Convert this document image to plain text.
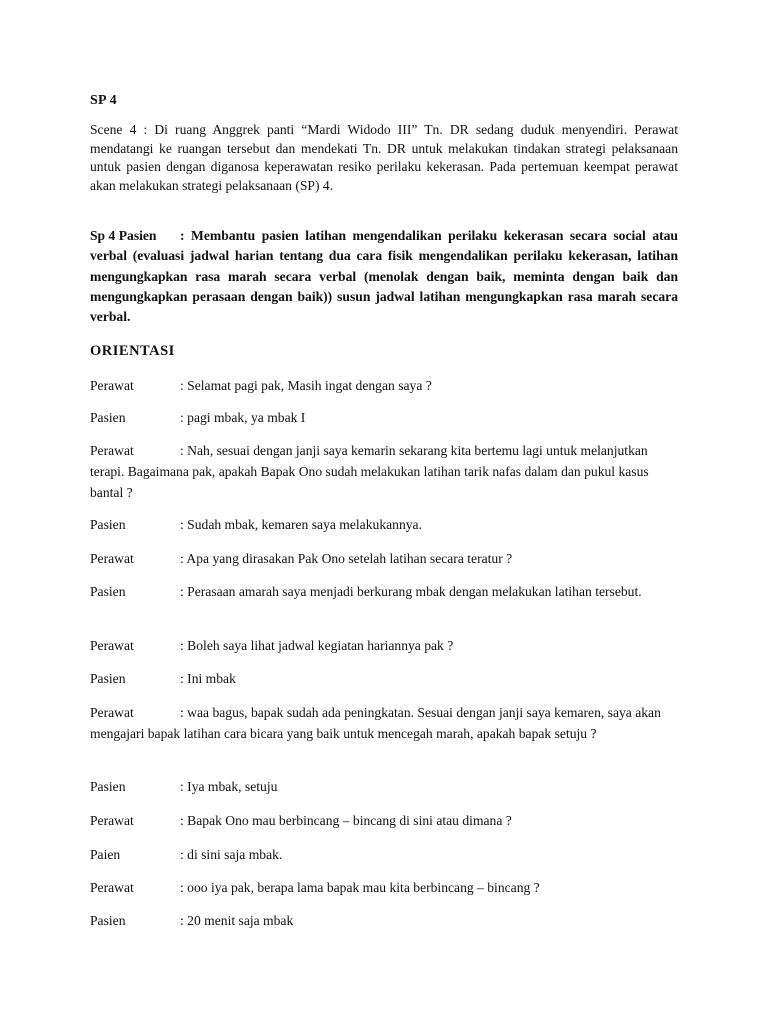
SP 4
Scene 4 : Di ruang Anggrek panti “Mardi Widodo III” Tn. DR sedang duduk menyendiri. Perawat mendatangi ke ruangan tersebut dan mendekati Tn. DR untuk melakukan tindakan strategi pelaksanaan untuk pasien dengan diganosa keperawatan resiko perilaku kekerasan. Pada pertemuan keempat perawat akan melakukan strategi pelaksanaan (SP) 4.
Sp 4 Pasien : Membantu pasien latihan mengendalikan perilaku kekerasan secara social atau verbal (evaluasi jadwal harian tentang dua cara fisik mengendalikan perilaku kekerasan, latihan mengungkapkan rasa marah secara verbal (menolak dengan baik, meminta dengan baik dan mengungkapkan perasaan dengan baik)) susun jadwal latihan mengungkapkan rasa marah secara verbal.
ORIENTASI
Perawat	: Selamat pagi pak, Masih ingat dengan saya ?
Pasien	: pagi mbak, ya mbak I
Perawat	: Nah, sesuai dengan janji saya kemarin sekarang kita bertemu lagi untuk melanjutkan terapi. Bagaimana pak, apakah Bapak Ono sudah melakukan latihan tarik nafas dalam dan pukul kasus bantal ?
Pasien	: Sudah mbak, kemaren saya melakukannya.
Perawat	: Apa yang dirasakan Pak Ono setelah latihan secara teratur ?
Pasien	: Perasaan amarah saya menjadi berkurang mbak dengan melakukan latihan tersebut.
Perawat	: Boleh saya lihat jadwal kegiatan hariannya pak ?
Pasien	: Ini mbak
Perawat	: waa bagus, bapak sudah ada peningkatan. Sesuai dengan janji saya kemaren, saya akan mengajari bapak latihan cara bicara yang baik untuk mencegah marah, apakah bapak setuju ?
Pasien	: Iya mbak, setuju
Perawat	: Bapak Ono mau berbincang – bincang di sini atau dimana ?
Paien	: di sini saja mbak.
Perawat	: ooo iya pak, berapa lama bapak mau kita berbincang – bincang ?
Pasien	: 20 menit saja mbak
